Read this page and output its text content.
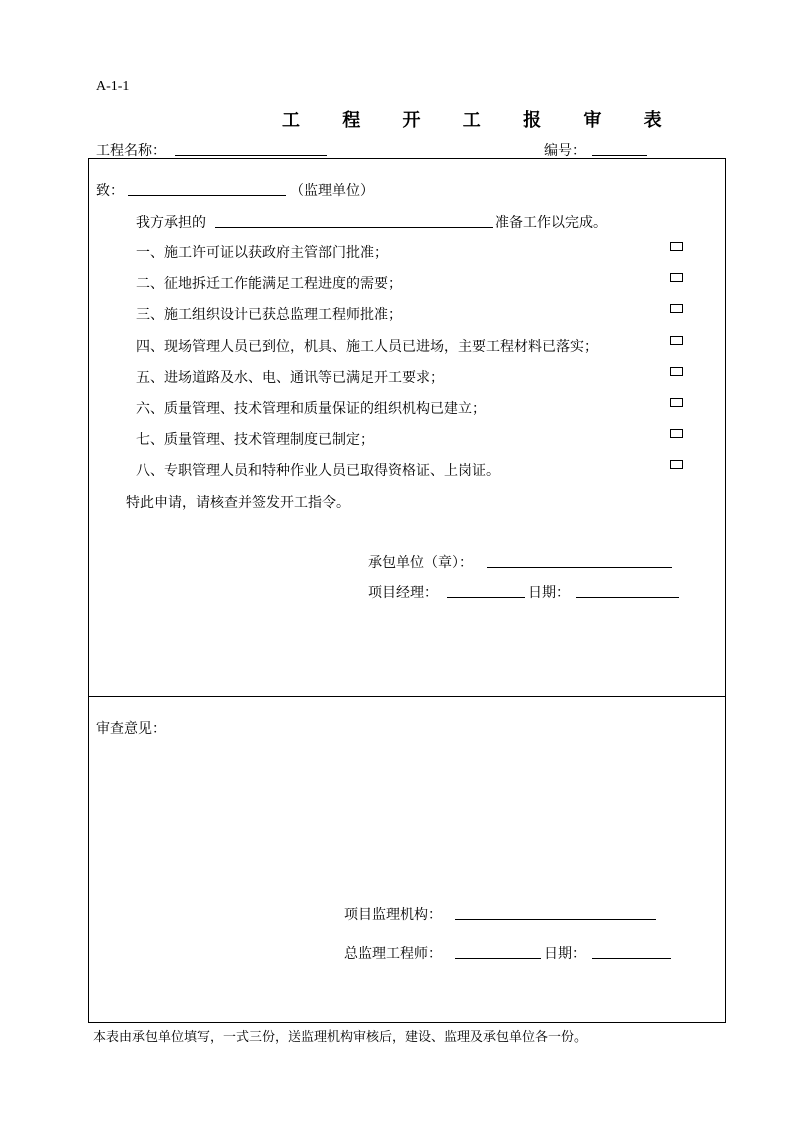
A-1-1
工 程 开 工 报 审 表
工程名称：	编号：
致：	（监理单位）
我方承担的	准备工作以完成。
一、施工许可证以获政府主管部门批准；
二、征地拆迁工作能满足工程进度的需要；
三、施工组织设计已获总监理工程师批准；
四、现场管理人员已到位，机具、施工人员已进场，主要工程材料已落实；
五、进场道路及水、电、通讯等已满足开工要求；
六、质量管理、技术管理和质量保证的组织机构已建立；
七、质量管理、技术管理制度已制定；
八、专职管理人员和特种作业人员已取得资格证、上岗证。
特此申请，请核查并签发开工指令。
承包单位（章）：
项目经理：	日期：
审查意见：
项目监理机构：
总监理工程师：	日期：
本表由承包单位填写，一式三份，送监理机构审核后，建设、监理及承包单位各一份。
